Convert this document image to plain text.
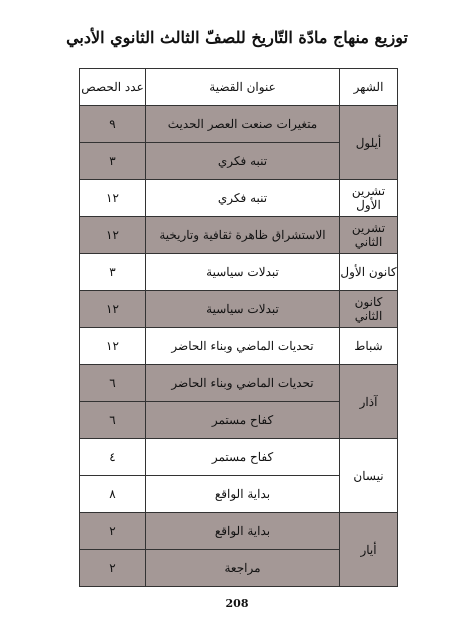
توزيع منهاج مادّة التّاريخ للصفّ الثالث الثانوي الأدبي
الشهر	عنوان القضية	عدد الحصص
أيلول	متغيرات صنعت العصر الحديث	٩
	تنبه فكري	٣
تشرين الأول	تنبه فكري	١٢
تشرين الثاني	الاستشراق ظاهرة ثقافية وتاريخية	١٢
كانون الأول	تبدلات سياسية	٣
كانون الثاني	تبدلات سياسية	١٢
شباط	تحديات الماضي وبناء الحاضر	١٢
آذار	تحديات الماضي وبناء الحاضر	٦
	كفاح مستمر	٦
نيسان	كفاح مستمر	٤
	بداية الواقع	٨
أيار	بداية الواقع	٢
	مراجعة	٢
208
